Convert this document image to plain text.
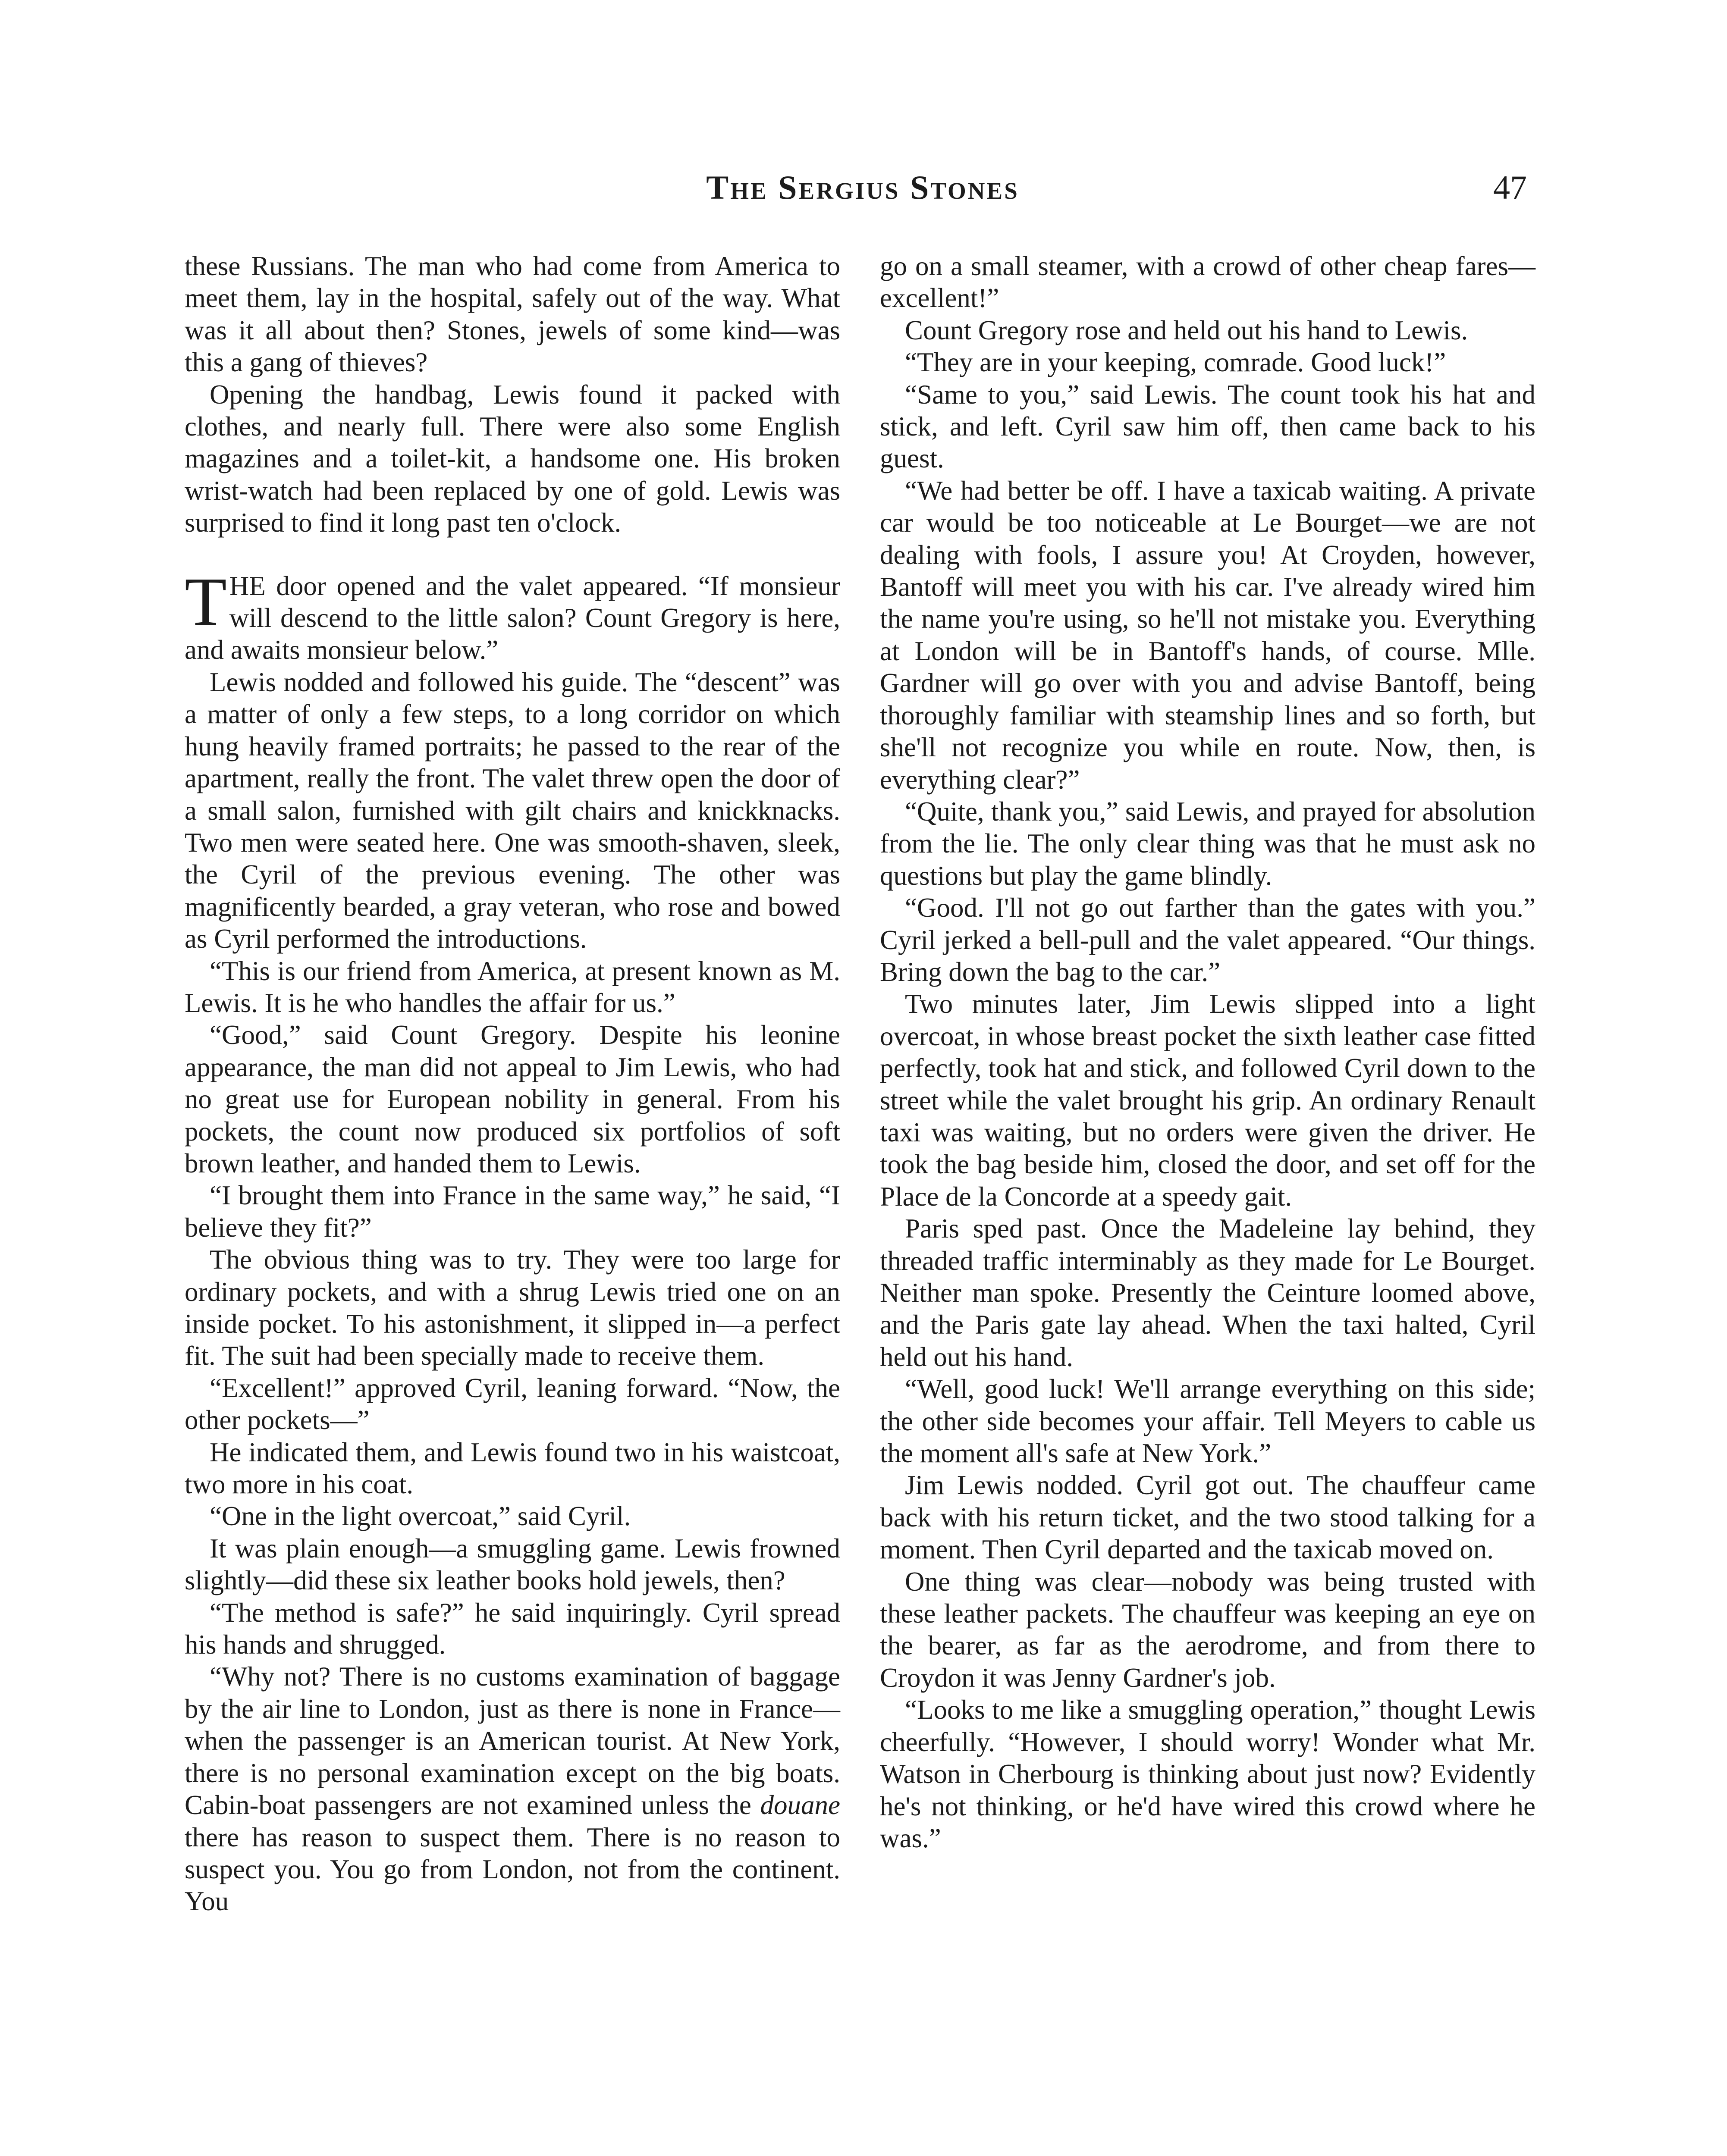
The Sergius Stones	47

these Russians. The man who had come from America to meet them, lay in the hospital, safely out of the way. What was it all about then? Stones, jewels of some kind—was this a gang of thieves?

Opening the handbag, Lewis found it packed with clothes, and nearly full. There were also some English magazines and a toilet-kit, a handsome one. His broken wrist-watch had been replaced by one of gold. Lewis was surprised to find it long past ten o'clock.

THE door opened and the valet appeared. “If monsieur will descend to the little salon? Count Gregory is here, and awaits monsieur below.”

Lewis nodded and followed his guide. The “descent” was a matter of only a few steps, to a long corridor on which hung heavily framed portraits; he passed to the rear of the apartment, really the front. The valet threw open the door of a small salon, furnished with gilt chairs and knickknacks. Two men were seated here. One was smooth-shaven, sleek, the Cyril of the previous evening. The other was magnificently bearded, a gray veteran, who rose and bowed as Cyril performed the introductions.

“This is our friend from America, at present known as M. Lewis. It is he who handles the affair for us.”

“Good,” said Count Gregory. Despite his leonine appearance, the man did not appeal to Jim Lewis, who had no great use for European nobility in general. From his pockets, the count now produced six portfolios of soft brown leather, and handed them to Lewis.

“I brought them into France in the same way,” he said, “I believe they fit?”

The obvious thing was to try. They were too large for ordinary pockets, and with a shrug Lewis tried one on an inside pocket. To his astonishment, it slipped in—a perfect fit. The suit had been specially made to receive them.

“Excellent!” approved Cyril, leaning forward. “Now, the other pockets—”

He indicated them, and Lewis found two in his waistcoat, two more in his coat.

“One in the light overcoat,” said Cyril.

It was plain enough—a smuggling game. Lewis frowned slightly—did these six leather books hold jewels, then?

“The method is safe?” he said inquiringly. Cyril spread his hands and shrugged.

“Why not? There is no customs examination of baggage by the air line to London, just as there is none in France—when the passenger is an American tourist. At New York, there is no personal examination except on the big boats. Cabin-boat passengers are not examined unless the douane there has reason to suspect them. There is no reason to suspect you. You go from London, not from the continent. You

go on a small steamer, with a crowd of other cheap fares—excellent!”

Count Gregory rose and held out his hand to Lewis.

“They are in your keeping, comrade. Good luck!”

“Same to you,” said Lewis. The count took his hat and stick, and left. Cyril saw him off, then came back to his guest.

“We had better be off. I have a taxicab waiting. A private car would be too noticeable at Le Bourget—we are not dealing with fools, I assure you! At Croyden, however, Bantoff will meet you with his car. I've already wired him the name you're using, so he'll not mistake you. Everything at London will be in Bantoff's hands, of course. Mlle. Gardner will go over with you and advise Bantoff, being thoroughly familiar with steamship lines and so forth, but she'll not recognize you while en route. Now, then, is everything clear?”

“Quite, thank you,” said Lewis, and prayed for absolution from the lie. The only clear thing was that he must ask no questions but play the game blindly.

“Good. I'll not go out farther than the gates with you.” Cyril jerked a bell-pull and the valet appeared. “Our things. Bring down the bag to the car.”

Two minutes later, Jim Lewis slipped into a light overcoat, in whose breast pocket the sixth leather case fitted perfectly, took hat and stick, and followed Cyril down to the street while the valet brought his grip. An ordinary Renault taxi was waiting, but no orders were given the driver. He took the bag beside him, closed the door, and set off for the Place de la Concorde at a speedy gait.

Paris sped past. Once the Madeleine lay behind, they threaded traffic interminably as they made for Le Bourget. Neither man spoke. Presently the Ceinture loomed above, and the Paris gate lay ahead. When the taxi halted, Cyril held out his hand.

“Well, good luck! We'll arrange everything on this side; the other side becomes your affair. Tell Meyers to cable us the moment all's safe at New York.”

Jim Lewis nodded. Cyril got out. The chauffeur came back with his return ticket, and the two stood talking for a moment. Then Cyril departed and the taxicab moved on.

One thing was clear—nobody was being trusted with these leather packets. The chauffeur was keeping an eye on the bearer, as far as the aerodrome, and from there to Croydon it was Jenny Gardner's job.

“Looks to me like a smuggling operation,” thought Lewis cheerfully. “However, I should worry! Wonder what Mr. Watson in Cherbourg is thinking about just now? Evidently he's not thinking, or he'd have wired this crowd where he was.”
